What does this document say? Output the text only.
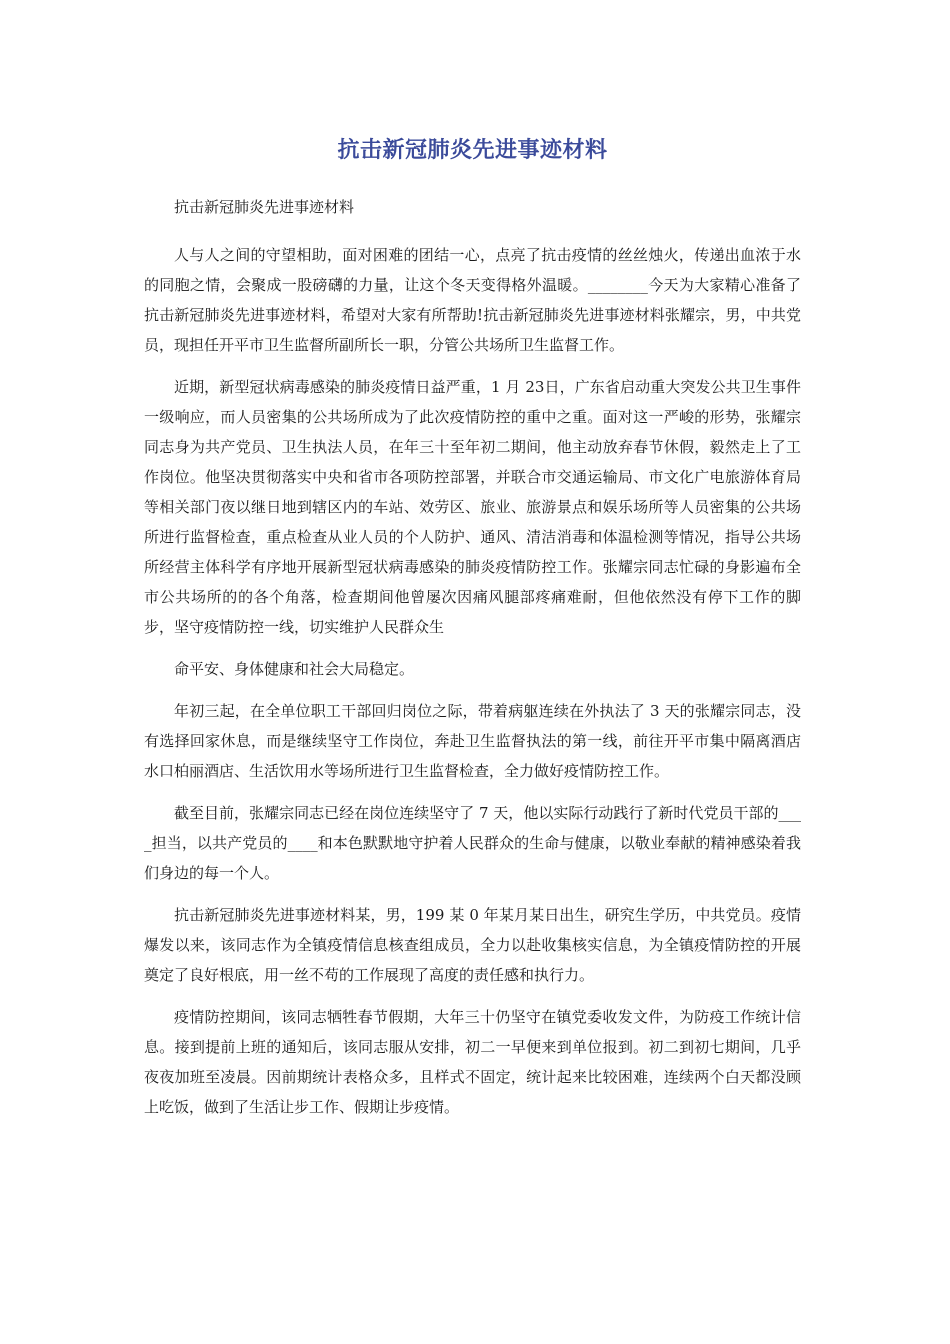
抗击新冠肺炎先进事迹材料

抗击新冠肺炎先进事迹材料

人与人之间的守望相助，面对困难的团结一心，点亮了抗击疫情的丝丝烛火，传递出血浓于水的同胞之情，会聚成一股磅礴的力量，让这个冬天变得格外温暖。________今天为大家精心准备了抗击新冠肺炎先进事迹材料，希望对大家有所帮助!抗击新冠肺炎先进事迹材料张耀宗，男，中共党员，现担任开平市卫生监督所副所长一职，分管公共场所卫生监督工作。

近期，新型冠状病毒感染的肺炎疫情日益严重，1 月 23日，广东省启动重大突发公共卫生事件一级响应，而人员密集的公共场所成为了此次疫情防控的重中之重。面对这一严峻的形势，张耀宗同志身为共产党员、卫生执法人员，在年三十至年初二期间，他主动放弃春节休假，毅然走上了工作岗位。他坚决贯彻落实中央和省市各项防控部署，并联合市交通运输局、市文化广电旅游体育局等相关部门夜以继日地到辖区内的车站、效劳区、旅业、旅游景点和娱乐场所等人员密集的公共场所进行监督检查，重点检查从业人员的个人防护、通风、清洁消毒和体温检测等情况，指导公共场所经营主体科学有序地开展新型冠状病毒感染的肺炎疫情防控工作。张耀宗同志忙碌的身影遍布全市公共场所的的各个角落，检查期间他曾屡次因痛风腿部疼痛难耐，但他依然没有停下工作的脚步，坚守疫情防控一线，切实维护人民群众生

命平安、身体健康和社会大局稳定。

年初三起，在全单位职工干部回归岗位之际，带着病躯连续在外执法了 3 天的张耀宗同志，没有选择回家休息，而是继续坚守工作岗位，奔赴卫生监督执法的第一线，前往开平市集中隔离酒店水口柏丽酒店、生活饮用水等场所进行卫生监督检查，全力做好疫情防控工作。

截至目前，张耀宗同志已经在岗位连续坚守了 7 天，他以实际行动践行了新时代党员干部的____担当，以共产党员的____和本色默默地守护着人民群众的生命与健康，以敬业奉献的精神感染着我们身边的每一个人。

抗击新冠肺炎先进事迹材料某，男，199 某 0 年某月某日出生，研究生学历，中共党员。疫情爆发以来，该同志作为全镇疫情信息核查组成员，全力以赴收集核实信息，为全镇疫情防控的开展奠定了良好根底，用一丝不苟的工作展现了高度的责任感和执行力。

疫情防控期间，该同志牺牲春节假期，大年三十仍坚守在镇党委收发文件，为防疫工作统计信息。接到提前上班的通知后，该同志服从安排，初二一早便来到单位报到。初二到初七期间，几乎夜夜加班至凌晨。因前期统计表格众多，且样式不固定，统计起来比较困难，连续两个白天都没顾上吃饭，做到了生活让步工作、假期让步疫情。
